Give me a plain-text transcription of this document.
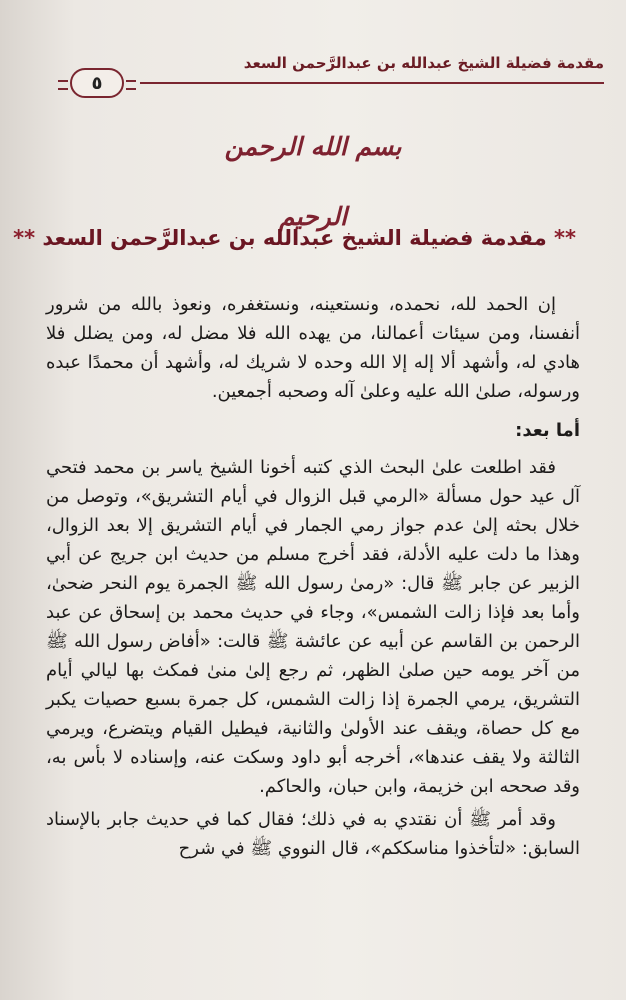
٥
مقدمة فضيلة الشيخ عبدالله بن عبدالرَّحمن السعد
بسم الله الرحمن الرحيم
** مقدمة فضيلة الشيخ عبدالله بن عبدالرَّحمن السعد **

إن الحمد لله، نحمده، ونستعينه، ونستغفره، ونعوذ بالله من شرور أنفسنا، ومن سيئات أعمالنا، من يهده الله فلا مضل له، ومن يضلل فلا هادي له، وأشهد ألا إله إلا الله وحده لا شريك له، وأشهد أن محمدًا عبده ورسوله، صلىٰ الله عليه وعلىٰ آله وصحبه أجمعين.

أما بعد:

فقد اطلعت علىٰ البحث الذي كتبه أخونا الشيخ ياسر بن محمد فتحي آل عيد حول مسألة «الرمي قبل الزوال في أيام التشريق»، وتوصل من خلال بحثه إلىٰ عدم جواز رمي الجمار في أيام التشريق إلا بعد الزوال، وهذا ما دلت عليه الأدلة، فقد أخرج مسلم من حديث ابن جريج عن أبي الزبير عن جابر ﷺ قال: «رمىٰ رسول الله ﷺ الجمرة يوم النحر ضحىٰ، وأما بعد فإذا زالت الشمس»، وجاء في حديث محمد بن إسحاق عن عبد الرحمن بن القاسم عن أبيه عن عائشة ﷺ قالت: «أفاض رسول الله ﷺ من آخر يومه حين صلىٰ الظهر، ثم رجع إلىٰ منىٰ فمكث بها ليالي أيام التشريق، يرمي الجمرة إذا زالت الشمس، كل جمرة بسبع حصيات يكبر مع كل حصاة، ويقف عند الأولىٰ والثانية، فيطيل القيام ويتضرع، ويرمي الثالثة ولا يقف عندها»، أخرجه أبو داود وسكت عنه، وإسناده لا بأس به، وقد صححه ابن خزيمة، وابن حبان، والحاكم.

وقد أمر ﷺ أن نقتدي به في ذلك؛ فقال كما في حديث جابر بالإسناد السابق: «لتأخذوا مناسككم»، قال النووي ﷺ في شرح
